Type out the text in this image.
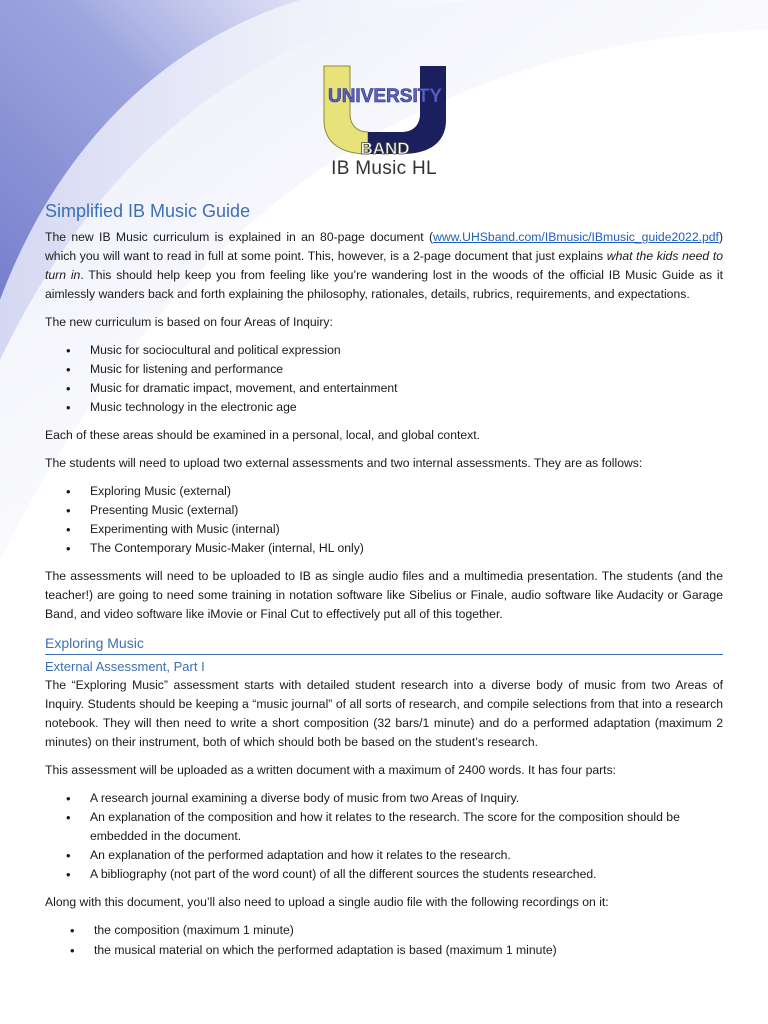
UNIVERSITY
BAND
IB Music HL
Simplified IB Music Guide

The new IB Music curriculum is explained in an 80-page document (www.UHSband.com/IBmusic/IBmusic_guide2022.pdf) which you will want to read in full at some point. This, however, is a 2-page document that just explains what the kids need to turn in. This should help keep you from feeling like you’re wandering lost in the woods of the official IB Music Guide as it aimlessly wanders back and forth explaining the philosophy, rationales, details, rubrics, requirements, and expectations.

The new curriculum is based on four Areas of Inquiry:

• Music for sociocultural and political expression
• Music for listening and performance
• Music for dramatic impact, movement, and entertainment
• Music technology in the electronic age

Each of these areas should be examined in a personal, local, and global context.

The students will need to upload two external assessments and two internal assessments. They are as follows:

• Exploring Music (external)
• Presenting Music (external)
• Experimenting with Music (internal)
• The Contemporary Music-Maker (internal, HL only)

The assessments will need to be uploaded to IB as single audio files and a multimedia presentation. The students (and the teacher!) are going to need some training in notation software like Sibelius or Finale, audio software like Audacity or Garage Band, and video software like iMovie or Final Cut to effectively put all of this together.

Exploring Music
External Assessment, Part I

The “Exploring Music” assessment starts with detailed student research into a diverse body of music from two Areas of Inquiry. Students should be keeping a “music journal” of all sorts of research, and compile selections from that into a research notebook. They will then need to write a short composition (32 bars/1 minute) and do a performed adaptation (maximum 2 minutes) on their instrument, both of which should both be based on the student’s research.

This assessment will be uploaded as a written document with a maximum of 2400 words. It has four parts:

• A research journal examining a diverse body of music from two Areas of Inquiry.
• An explanation of the composition and how it relates to the research. The score for the composition should be embedded in the document.
• An explanation of the performed adaptation and how it relates to the research.
• A bibliography (not part of the word count) of all the different sources the students researched.

Along with this document, you’ll also need to upload a single audio file with the following recordings on it:

• the composition (maximum 1 minute)
• the musical material on which the performed adaptation is based (maximum 1 minute)
